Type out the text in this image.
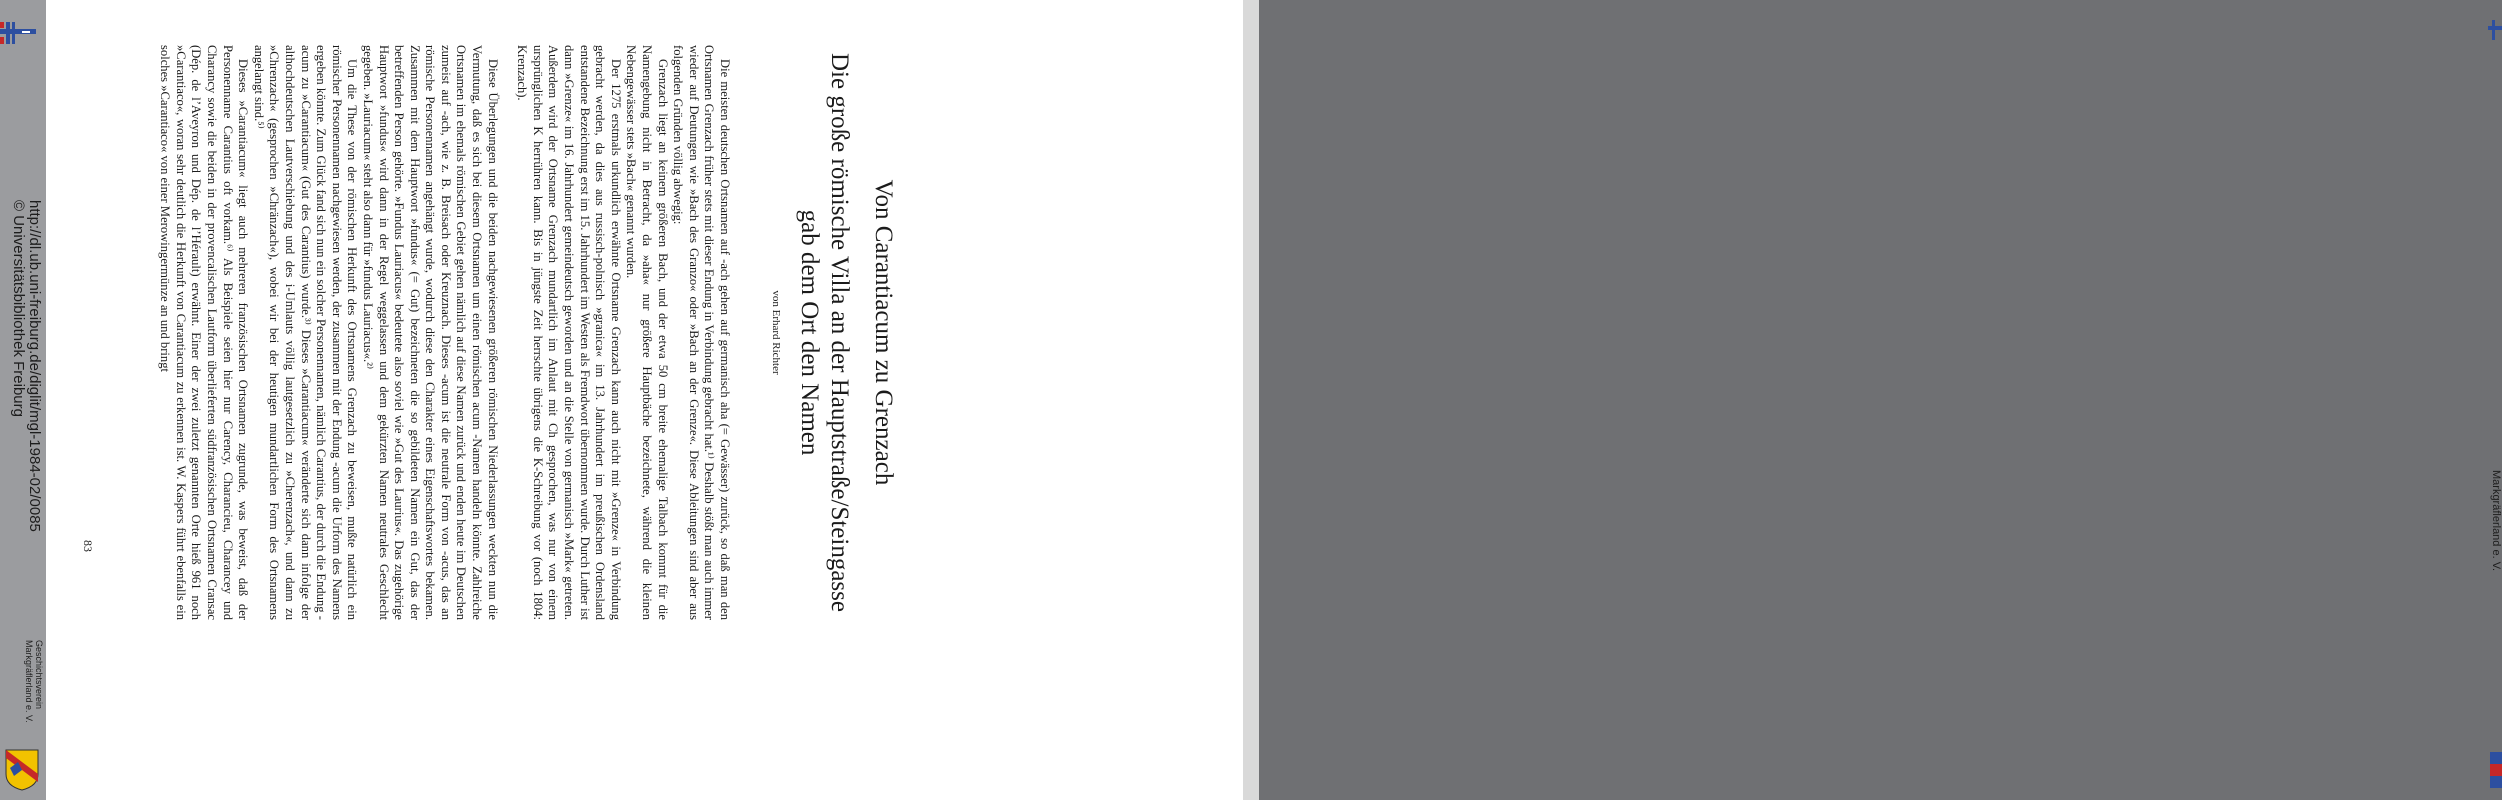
http://dl.ub.uni-freiburg.de/diglit/mgl-1984-02/0085

© Universitätsbibliothek Freiburg

Geschichtsverein

Markgräflerland e. V.

Von Carantiacum zu Grenzach
Die große römische Villa an der Hauptstraße/Steingasse gab dem Ort den Namen
von Erhard Richter

Die meisten deutschen Ortsnamen auf -ach gehen auf germanisch aha (= Gewässer) zurück, so daß man den Ortsnamen Grenzach früher stets mit dieser Endung in Verbindung gebracht hat.¹⁾ Deshalb stößt man auch immer wieder auf Deutungen wie »Bach des Granzo« oder »Bach an der Grenze«. Diese Ableitungen sind aber aus folgenden Gründen völlig abwegig:

Grenzach liegt an keinem größeren Bach, und der etwa 50 cm breite ehemalige Talbach kommt für die Namengebung nicht in Betracht, da »aha« nur größere Hauptbäche bezeichnete, während die kleinen Nebengewässer stets »Bach« genannt wurden.

Der 1275 erstmals urkundlich erwähnte Ortsname Grenzach kann auch nicht mit »Grenze« in Verbindung gebracht werden, da dies aus russisch-polnisch »granica« im 13. Jahrhundert im preußischen Ordensland entstandene Bezeichnung erst im 15. Jahrhundert im Westen als Fremdwort übernommen wurde. Durch Luther ist dann »Grenze« im 16. Jahrhundert gemeindeutsch geworden und an die Stelle von germanisch »Mark« getreten. Außerdem wird der Ortsname Grenzach mundartlich im Anlaut mit Ch gesprochen, was nur von einem ursprünglichen K herrühren kann. Bis in jüngste Zeit herrschte übrigens die K-Schreibung vor (noch 1804: Krenzach).

Diese Überlegungen und die beiden nachgewiesenen größeren römischen Niederlassungen weckten nun die Vermutung, daß es sich bei diesem Ortsnamen um einen römischen acum -Namen handeln könnte. Zahlreiche Ortsnamen im ehemals römischen Gebiet gehen nämlich auf diese Namen zurück und enden heute im Deutschen zumeist auf -ach, wie z. B. Breisach oder Kreuznach. Dieses -acum ist die neutrale Form von -acus, das an römische Personennamen angehängt wurde, wodurch diese den Charakter eines Eigenschaftswortes bekamen. Zusammen mit dem Hauptwort »fundus« (= Gut) bezeichneten die so gebildeten Namen ein Gut, das der betreffenden Person gehörte. »Fundus Lauriacus« bedeutete also soviel wie »Gut des Laurius«. Das zugehörige Hauptwort »fundus« wird dann in der Regel weggelassen und dem gekürzten Namen neutrales Geschlecht gegeben. »Lauriacum« steht also dann für »fundus Lauriacus«.²⁾

Um die These von der römischen Herkunft des Ortsnamens Grenzach zu beweisen, mußte natürlich ein römischer Personennamen nachgewiesen werden, der zusammen mit der Endung -acum die Urform des Namens ergeben könnte. Zum Glück fand sich nun ein solcher Personennamen, nämlich Carantius, der durch die Endung -acum zu »Carantiacum« (Gut des Carantius) wurde.³⁾ Dieses »Carantiacum« veränderte sich dann infolge der althochdeutschen Lautverschiebung und des i-Umlauts völlig lautgesetzlich zu »Cherenzach«, und dann zu »Chrenzach« (gesprochen »Chränzach«), wobei wir bei der heutigen mundartlichen Form des Ortsnamens angelangt sind.⁵⁾

Dieses »Carantiacum« liegt auch mehreren französischen Ortsnamen zugrunde, was beweist, daß der Personenname Carantius oft vorkam.⁶⁾ Als Beispiele seien hier nur Carency, Charancieu, Charancey und Charancy sowie die beiden in der provencalischen Lautform überlieferten südfranzösischen Ortsnamen Cransac (Dép. de l’Aveyron und Dép. de l’Hérault) erwähnt. Einer der zwei zuletzt genannten Orte hieß 961 noch »Carantiaco«, woran sehr deutlich die Herkunft von Carantiacum zu erkennen ist. W. Kaspers führt ebenfalls ein solches »Carantiaco« von einer Merowingermünze an und bringt

83	Markgräflerland e. V.
